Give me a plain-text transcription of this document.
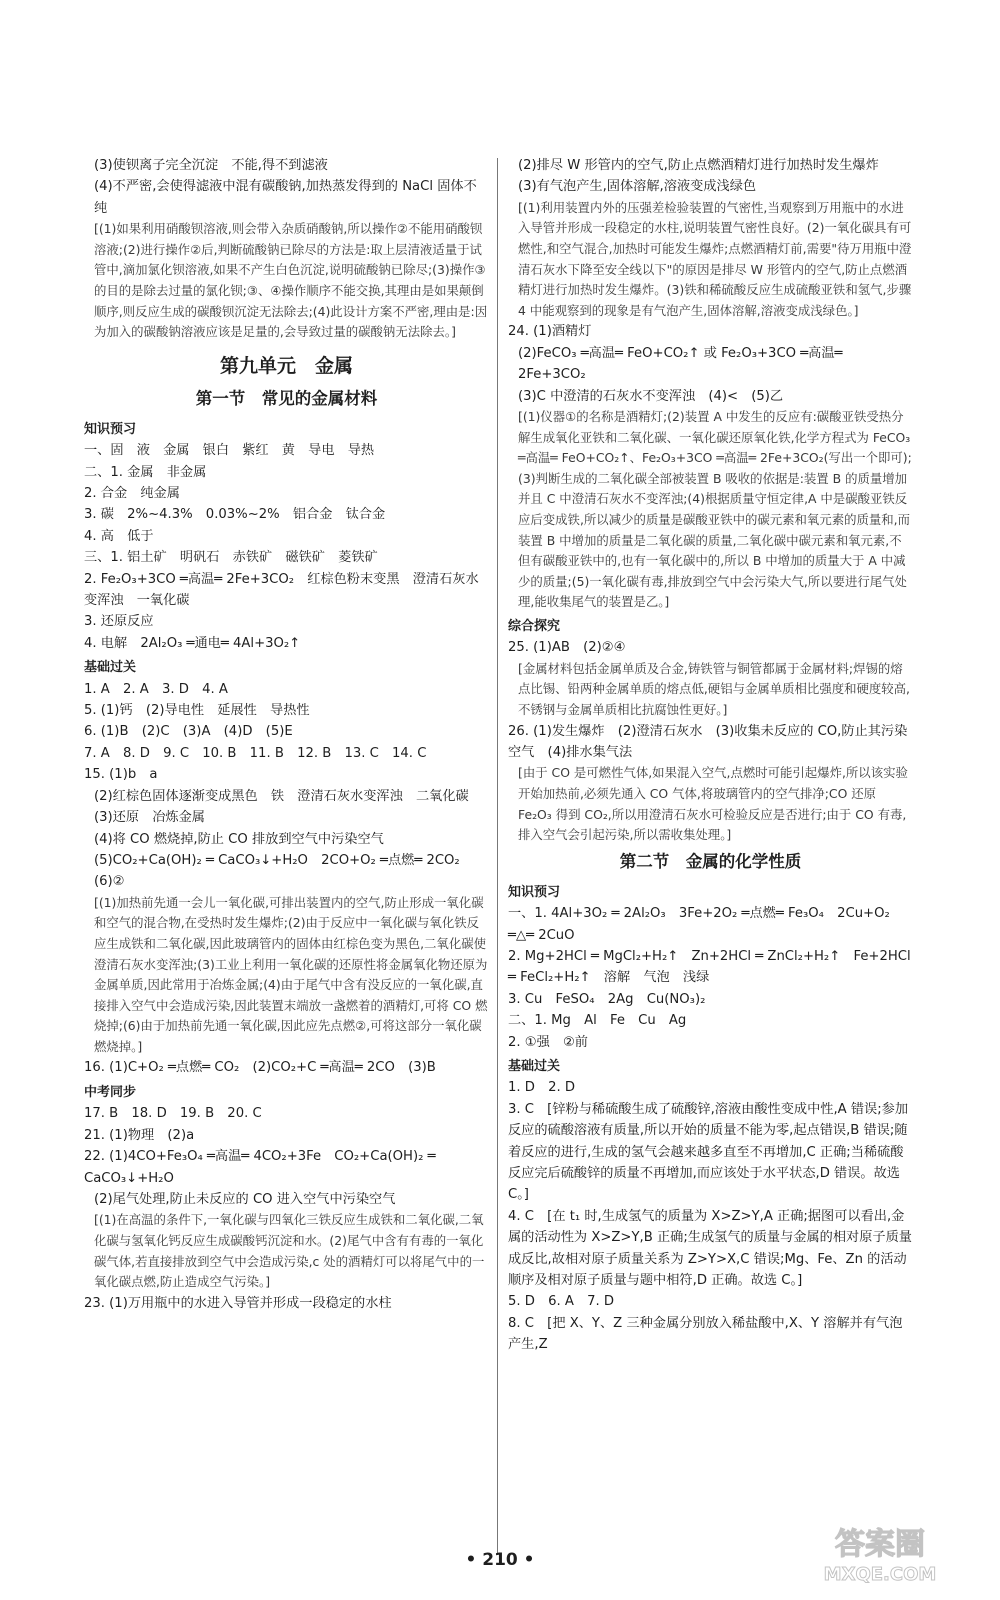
(3)使钡离子完全沉淀　不能,得不到滤液
(4)不严密,会使得滤液中混有碳酸钠,加热蒸发得到的 NaCl 固体不纯
[(1)如果利用硝酸钡溶液,则会带入杂质硝酸钠,所以操作②不能用硝酸钡溶液;(2)进行操作②后,判断硫酸钠已除尽的方法是:取上层清液适量于试管中,滴加氯化钡溶液,如果不产生白色沉淀,说明硫酸钠已除尽;(3)操作③的目的是除去过量的氯化钡;③、④操作顺序不能交换,其理由是如果颠倒顺序,则反应生成的碳酸钡沉淀无法除去;(4)此设计方案不严密,理由是:因为加入的碳酸钠溶液应该是足量的,会导致过量的碳酸钠无法除去。]
第九单元　金属
第一节　常见的金属材料
知识预习
一、固　液　金属　银白　紫红　黄　导电　导热
二、1. 金属　非金属
2. 合金　纯金属
3. 碳　2%~4.3%　0.03%~2%　铝合金　钛合金
4. 高　低于
三、1. 铝土矿　明矾石　赤铁矿　磁铁矿　菱铁矿
2. Fe₂O₃+3CO ═高温═ 2Fe+3CO₂　红棕色粉末变黑　澄清石灰水变浑浊　一氧化碳
3. 还原反应
4. 电解　2Al₂O₃ ═通电═ 4Al+3O₂↑
基础过关
1. A　2. A　3. D　4. A
5. (1)钙　(2)导电性　延展性　导热性
6. (1)B　(2)C　(3)A　(4)D　(5)E
7. A　8. D　9. C　10. B　11. B　12. B　13. C　14. C
15. (1)b　a
(2)红棕色固体逐渐变成黑色　铁　澄清石灰水变浑浊　二氧化碳
(3)还原　冶炼金属
(4)将 CO 燃烧掉,防止 CO 排放到空气中污染空气
(5)CO₂+Ca(OH)₂ ═ CaCO₃↓+H₂O　2CO+O₂ ═点燃═ 2CO₂
(6)②
[(1)加热前先通一会儿一氧化碳,可排出装置内的空气,防止形成一氧化碳和空气的混合物,在受热时发生爆炸;(2)由于反应中一氧化碳与氧化铁反应生成铁和二氧化碳,因此玻璃管内的固体由红棕色变为黑色,二氧化碳使澄清石灰水变浑浊;(3)工业上利用一氧化碳的还原性将金属氧化物还原为金属单质,因此常用于冶炼金属;(4)由于尾气中含有没反应的一氧化碳,直接排入空气中会造成污染,因此装置末端放一盏燃着的酒精灯,可将 CO 燃烧掉;(6)由于加热前先通一氧化碳,因此应先点燃②,可将这部分一氧化碳燃烧掉。]
16. (1)C+O₂ ═点燃═ CO₂　(2)CO₂+C ═高温═ 2CO　(3)B
中考同步
17. B　18. D　19. B　20. C
21. (1)物理　(2)a
22. (1)4CO+Fe₃O₄ ═高温═ 4CO₂+3Fe　CO₂+Ca(OH)₂ ═ CaCO₃↓+H₂O
(2)尾气处理,防止未反应的 CO 进入空气中污染空气
[(1)在高温的条件下,一氧化碳与四氧化三铁反应生成铁和二氧化碳,二氧化碳与氢氧化钙反应生成碳酸钙沉淀和水。(2)尾气中含有有毒的一氧化碳气体,若直接排放到空气中会造成污染,c 处的酒精灯可以将尾气中的一氧化碳点燃,防止造成空气污染。]
23. (1)万用瓶中的水进入导管并形成一段稳定的水柱
(2)排尽 W 形管内的空气,防止点燃酒精灯进行加热时发生爆炸
(3)有气泡产生,固体溶解,溶液变成浅绿色
[(1)利用装置内外的压强差检验装置的气密性,当观察到万用瓶中的水进入导管并形成一段稳定的水柱,说明装置气密性良好。(2)一氧化碳具有可燃性,和空气混合,加热时可能发生爆炸;点燃酒精灯前,需要"待万用瓶中澄清石灰水下降至安全线以下"的原因是排尽 W 形管内的空气,防止点燃酒精灯进行加热时发生爆炸。(3)铁和稀硫酸反应生成硫酸亚铁和氢气,步骤 4 中能观察到的现象是有气泡产生,固体溶解,溶液变成浅绿色。]
24. (1)酒精灯
(2)FeCO₃ ═高温═ FeO+CO₂↑ 或 Fe₂O₃+3CO ═高温═ 2Fe+3CO₂
(3)C 中澄清的石灰水不变浑浊　(4)<　(5)乙
[(1)仪器①的名称是酒精灯;(2)装置 A 中发生的反应有:碳酸亚铁受热分解生成氧化亚铁和二氧化碳、一氧化碳还原氧化铁,化学方程式为 FeCO₃ ═高温═ FeO+CO₂↑、Fe₂O₃+3CO ═高温═ 2Fe+3CO₂(写出一个即可);(3)判断生成的二氧化碳全部被装置 B 吸收的依据是:装置 B 的质量增加并且 C 中澄清石灰水不变浑浊;(4)根据质量守恒定律,A 中是碳酸亚铁反应后变成铁,所以减少的质量是碳酸亚铁中的碳元素和氧元素的质量和,而装置 B 中增加的质量是二氧化碳的质量,二氧化碳中碳元素和氧元素,不但有碳酸亚铁中的,也有一氧化碳中的,所以 B 中增加的质量大于 A 中减少的质量;(5)一氧化碳有毒,排放到空气中会污染大气,所以要进行尾气处理,能收集尾气的装置是乙。]
综合探究
25. (1)AB　(2)②④
[金属材料包括金属单质及合金,铸铁管与铜管都属于金属材料;焊锡的熔点比锡、铅两种金属单质的熔点低,硬铝与金属单质相比强度和硬度较高,不锈钢与金属单质相比抗腐蚀性更好。]
26. (1)发生爆炸　(2)澄清石灰水　(3)收集未反应的 CO,防止其污染空气　(4)排水集气法
[由于 CO 是可燃性气体,如果混入空气,点燃时可能引起爆炸,所以该实验开始加热前,必须先通入 CO 气体,将玻璃管内的空气排净;CO 还原 Fe₂O₃ 得到 CO₂,所以用澄清石灰水可检验反应是否进行;由于 CO 有毒,排入空气会引起污染,所以需收集处理。]
第二节　金属的化学性质
知识预习
一、1. 4Al+3O₂ ═ 2Al₂O₃　3Fe+2O₂ ═点燃═ Fe₃O₄　2Cu+O₂ ═△═ 2CuO
2. Mg+2HCl ═ MgCl₂+H₂↑　Zn+2HCl ═ ZnCl₂+H₂↑　Fe+2HCl ═ FeCl₂+H₂↑　溶解　气泡　浅绿
3. Cu　FeSO₄　2Ag　Cu(NO₃)₂
二、1. Mg　Al　Fe　Cu　Ag
2. ①强　②前
基础过关
1. D　2. D
3. C　[锌粉与稀硫酸生成了硫酸锌,溶液由酸性变成中性,A 错误;参加反应的硫酸溶液有质量,所以开始的质量不能为零,起点错误,B 错误;随着反应的进行,生成的氢气会越来越多直至不再增加,C 正确;当稀硫酸反应完后硫酸锌的质量不再增加,而应该处于水平状态,D 错误。故选 C。]
4. C　[在 t₁ 时,生成氢气的质量为 X>Z>Y,A 正确;据图可以看出,金属的活动性为 X>Z>Y,B 正确;生成氢气的质量与金属的相对原子质量成反比,故相对原子质量关系为 Z>Y>X,C 错误;Mg、Fe、Zn 的活动顺序及相对原子质量与题中相符,D 正确。故选 C。]
5. D　6. A　7. D
8. C　[把 X、Y、Z 三种金属分别放入稀盐酸中,X、Y 溶解并有气泡产生,Z
• 210 •	答案圈
MXQE.COM
